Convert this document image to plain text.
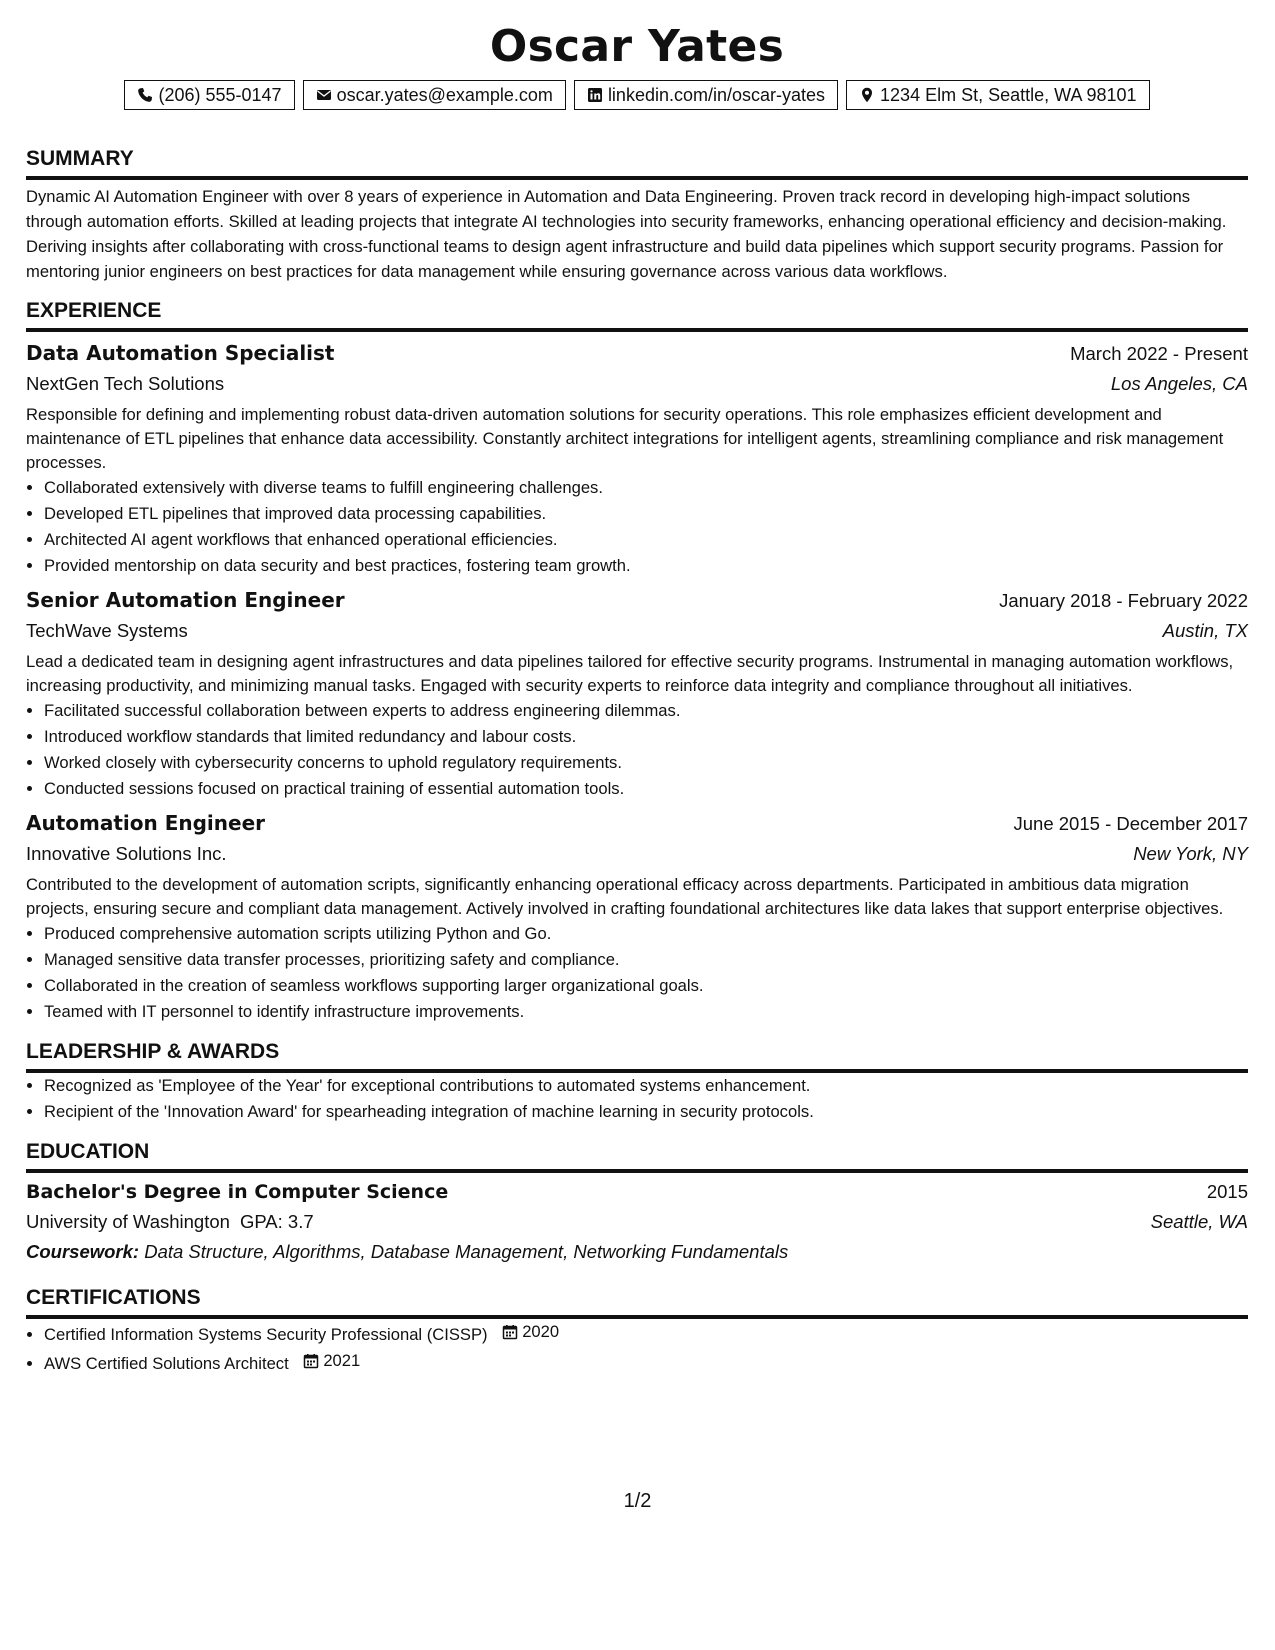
Oscar Yates
(206) 555-0147	oscar.yates@example.com	linkedin.com/in/oscar-yates	1234 Elm St, Seattle, WA 98101
SUMMARY

Dynamic AI Automation Engineer with over 8 years of experience in Automation and Data Engineering. Proven track record in developing high-impact solutions through automation efforts. Skilled at leading projects that integrate AI technologies into security frameworks, enhancing operational efficiency and decision-making. Deriving insights after collaborating with cross-functional teams to design agent infrastructure and build data pipelines which support security programs. Passion for mentoring junior engineers on best practices for data management while ensuring governance across various data workflows.

EXPERIENCE
Data Automation Specialist	March 2022 - Present
NextGen Tech Solutions	Los Angeles, CA

Responsible for defining and implementing robust data-driven automation solutions for security operations. This role emphasizes efficient development and maintenance of ETL pipelines that enhance data accessibility. Constantly architect integrations for intelligent agents, streamlining compliance and risk management processes.

• Collaborated extensively with diverse teams to fulfill engineering challenges.
• Developed ETL pipelines that improved data processing capabilities.
• Architected AI agent workflows that enhanced operational efficiencies.
• Provided mentorship on data security and best practices, fostering team growth.
Senior Automation Engineer	January 2018 - February 2022
TechWave Systems	Austin, TX

Lead a dedicated team in designing agent infrastructures and data pipelines tailored for effective security programs. Instrumental in managing automation workflows, increasing productivity, and minimizing manual tasks. Engaged with security experts to reinforce data integrity and compliance throughout all initiatives.

• Facilitated successful collaboration between experts to address engineering dilemmas.
• Introduced workflow standards that limited redundancy and labour costs.
• Worked closely with cybersecurity concerns to uphold regulatory requirements.
• Conducted sessions focused on practical training of essential automation tools.
Automation Engineer	June 2015 - December 2017
Innovative Solutions Inc.	New York, NY

Contributed to the development of automation scripts, significantly enhancing operational efficacy across departments. Participated in ambitious data migration projects, ensuring secure and compliant data management. Actively involved in crafting foundational architectures like data lakes that support enterprise objectives.

• Produced comprehensive automation scripts utilizing Python and Go.
• Managed sensitive data transfer processes, prioritizing safety and compliance.
• Collaborated in the creation of seamless workflows supporting larger organizational goals.
• Teamed with IT personnel to identify infrastructure improvements.
LEADERSHIP & AWARDS
• Recognized as 'Employee of the Year' for exceptional contributions to automated systems enhancement.
• Recipient of the 'Innovation Award' for spearheading integration of machine learning in security protocols.
EDUCATION
Bachelor's Degree in Computer Science	2015
University of Washington GPA: 3.7	Seattle, WA
Coursework: Data Structure, Algorithms, Database Management, Networking Fundamentals
CERTIFICATIONS
• Certified Information Systems Security Professional (CISSP) 2020
• AWS Certified Solutions Architect 2021
1/2
